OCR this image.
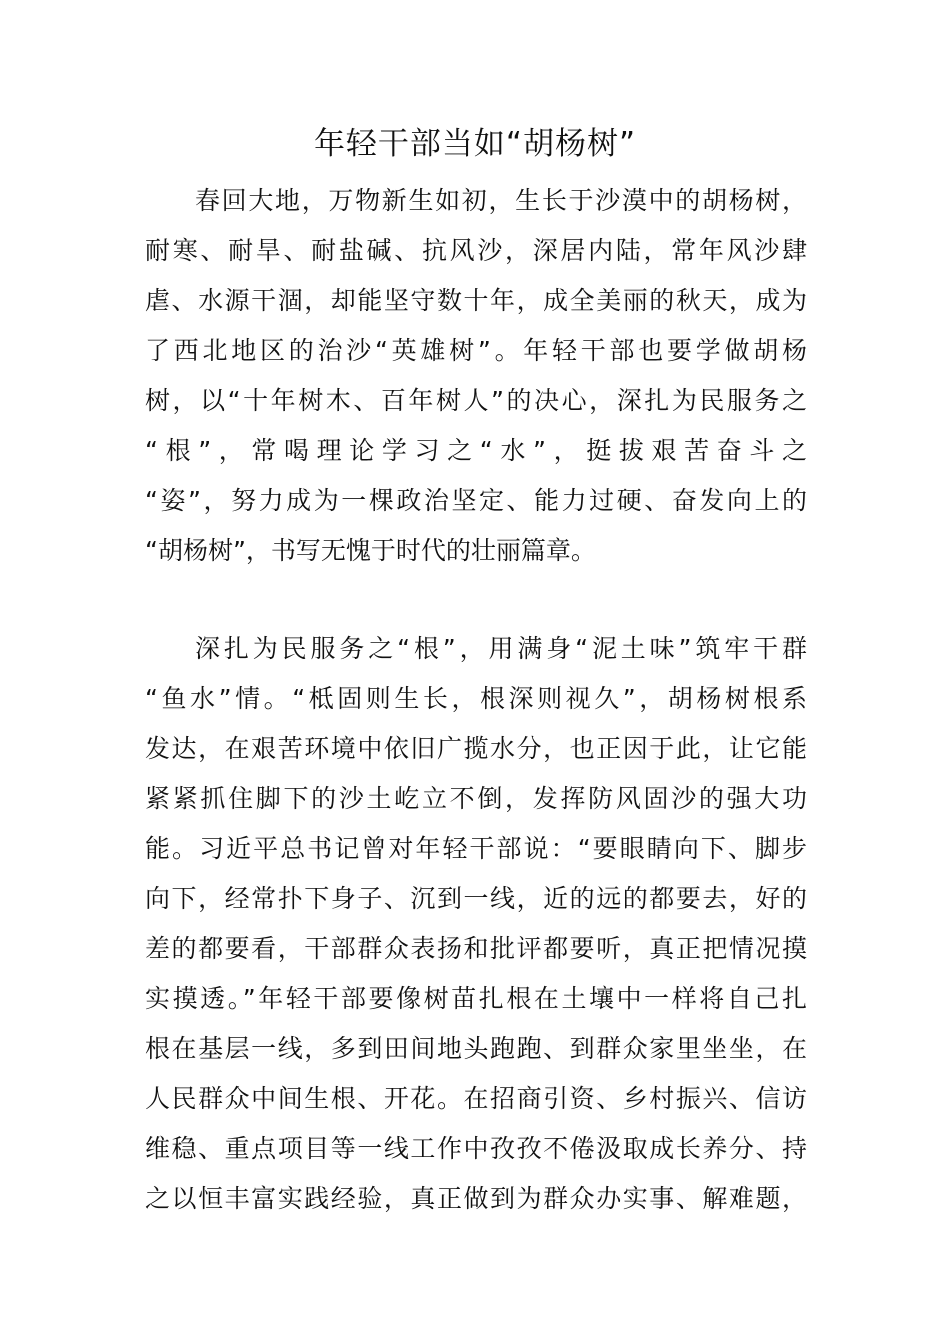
年轻干部当如“胡杨树”
春回大地，万物新生如初，生长于沙漠中的胡杨树，
耐寒、耐旱、耐盐碱、抗风沙，深居内陆，常年风沙肆
虐、水源干涸，却能坚守数十年，成全美丽的秋天，成为
了西北地区的治沙“英雄树”。年轻干部也要学做胡杨
树，以“十年树木、百年树人”的决心，深扎为民服务之
“根”，常喝理论学习之“水”，挺拔艰苦奋斗之
“姿”，努力成为一棵政治坚定、能力过硬、奋发向上的
“胡杨树”，书写无愧于时代的壮丽篇章。
深扎为民服务之“根”，用满身“泥土味”筑牢干群
“鱼水”情。“柢固则生长，根深则视久”，胡杨树根系
发达，在艰苦环境中依旧广揽水分，也正因于此，让它能
紧紧抓住脚下的沙土屹立不倒，发挥防风固沙的强大功
能。习近平总书记曾对年轻干部说：“要眼睛向下、脚步
向下，经常扑下身子、沉到一线，近的远的都要去，好的
差的都要看，干部群众表扬和批评都要听，真正把情况摸
实摸透。”年轻干部要像树苗扎根在土壤中一样将自己扎
根在基层一线，多到田间地头跑跑、到群众家里坐坐，在
人民群众中间生根、开花。在招商引资、乡村振兴、信访
维稳、重点项目等一线工作中孜孜不倦汲取成长养分、持
之以恒丰富实践经验，真正做到为群众办实事、解难题，
